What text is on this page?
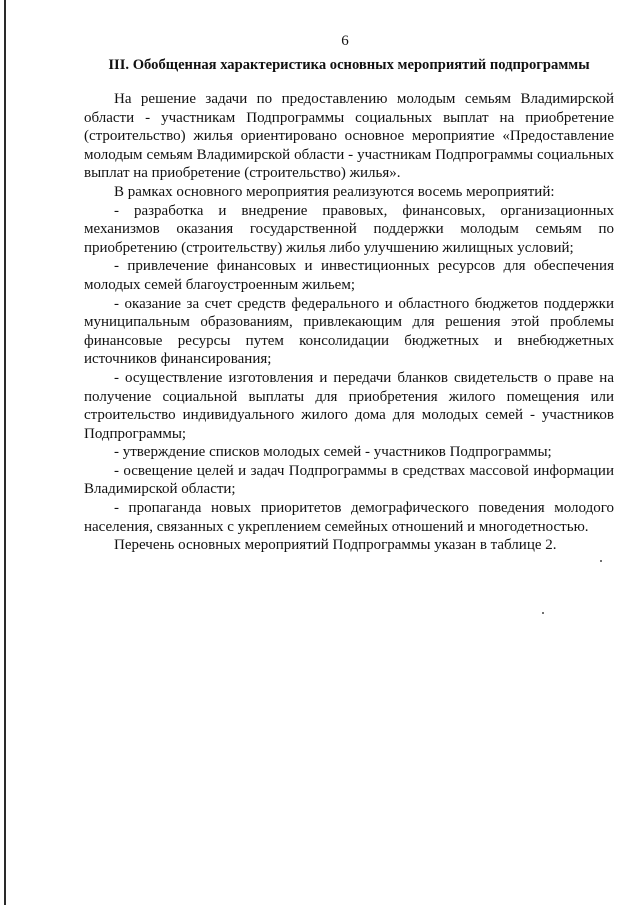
6
III. Обобщенная характеристика основных мероприятий подпрограммы

На решение задачи по предоставлению молодым семьям Владимирской области - участникам Подпрограммы социальных выплат на приобретение (строительство) жилья ориентировано основное мероприятие «Предоставление молодым семьям Владимирской области - участникам Подпрограммы социальных выплат на приобретение (строительство) жилья».

В рамках основного мероприятия реализуются восемь мероприятий:

- разработка и внедрение правовых, финансовых, организационных механизмов оказания государственной поддержки молодым семьям по приобретению (строительству) жилья либо улучшению жилищных условий;

- привлечение финансовых и инвестиционных ресурсов для обеспечения молодых семей благоустроенным жильем;

- оказание за счет средств федерального и областного бюджетов поддержки муниципальным образованиям, привлекающим для решения этой проблемы финансовые ресурсы путем консолидации бюджетных и внебюджетных источников финансирования;

- осуществление изготовления и передачи бланков свидетельств о праве на получение социальной выплаты для приобретения жилого помещения или строительство индивидуального жилого дома для молодых семей - участников Подпрограммы;

- утверждение списков молодых семей - участников Подпрограммы;

- освещение целей и задач Подпрограммы в средствах массовой информации Владимирской области;

- пропаганда новых приоритетов демографического поведения молодого населения, связанных с укреплением семейных отношений и многодетностью.

Перечень основных мероприятий Подпрограммы указан в таблице 2.
